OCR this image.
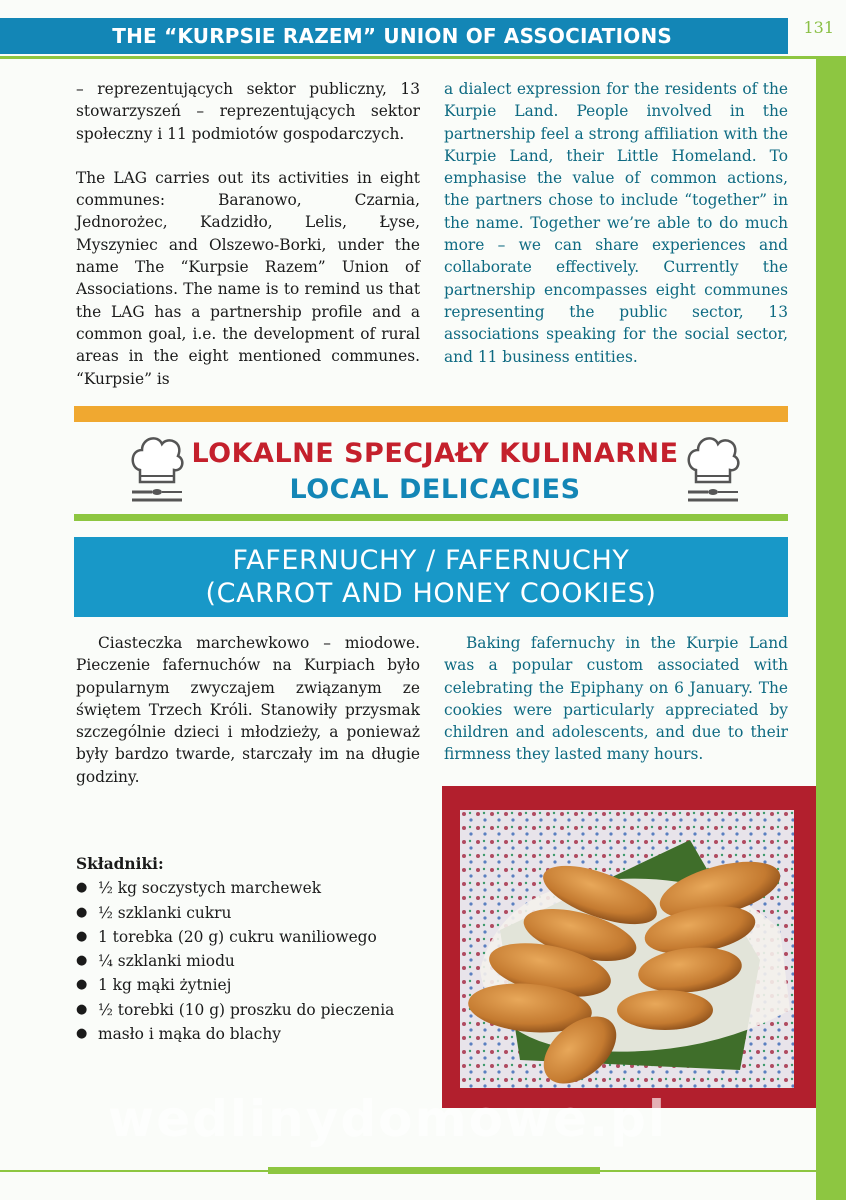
THE “KURPSIE RAZEM” UNION OF ASSOCIATIONS	131

– reprezentujących sektor publiczny, 13 stowarzyszeń – reprezentujących sektor społeczny i 11 podmiotów gospodarczych.

The LAG carries out its activities in eight communes: Baranowo, Czarnia, Jednorożec, Kadzidło, Lelis, Łyse, Myszyniec and Olszewo-Borki, under the name The “Kurpsie Razem” Union of Associations. The name is to remind us that the LAG has a partnership profile and a common goal, i.e. the development of rural areas in the eight mentioned communes. “Kurpsie” is

a dialect expression for the residents of the Kurpie Land. People involved in the partnership feel a strong affiliation with the Kurpie Land, their Little Homeland. To emphasise the value of common actions, the partners chose to include “together” in the name. Together we’re able to do much more – we can share experiences and collaborate effectively. Currently the partnership encompasses eight communes representing the public sector, 13 associations speaking for the social sector, and 11 business entities.

LOKALNE SPECJAŁY KULINARNE
LOCAL DELICACIES
FAFERNUCHY / FAFERNUCHY
(CARROT AND HONEY COOKIES)

Ciasteczka marchewkowo – miodowe. Pieczenie fafernuchów na Kurpiach było popularnym zwyczajem związanym ze świętem Trzech Króli. Stanowiły przysmak szczególnie dzieci i młodzieży, a ponieważ były bardzo twarde, starczały im na długie godziny.

Baking fafernuchy in the Kurpie Land was a popular custom associated with celebrating the Epiphany on 6 January. The cookies were particularly appreciated by children and adolescents, and due to their firmness they lasted many hours.

Składniki:
● ½ kg soczystych marchewek
● ½ szklanki cukru
● 1 torebka (20 g) cukru waniliowego
● ¼ szklanki miodu
● 1 kg mąki żytniej
● ½ torebki (10 g) proszku do pieczenia
● masło i mąka do blachy
wedlinydomowe.pl
